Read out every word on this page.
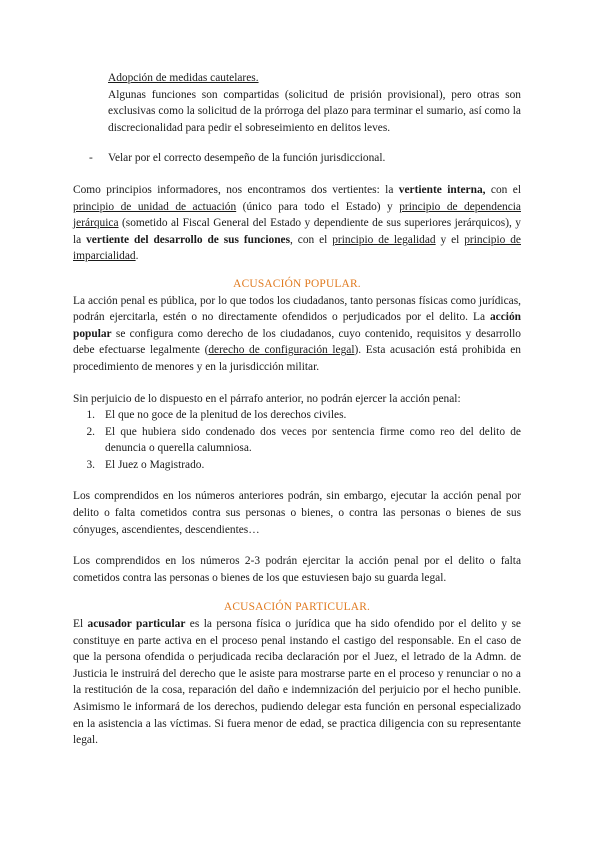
Adopción de medidas cautelares.

Algunas funciones son compartidas (solicitud de prisión provisional), pero otras son exclusivas como la solicitud de la prórroga del plazo para terminar el sumario, así como la discrecionalidad para pedir el sobreseimiento en delitos leves.

-	Velar por el correcto desempeño de la función jurisdiccional.

Como principios informadores, nos encontramos dos vertientes: la vertiente interna, con el principio de unidad de actuación (único para todo el Estado) y principio de dependencia jerárquica (sometido al Fiscal General del Estado y dependiente de sus superiores jerárquicos), y la vertiente del desarrollo de sus funciones, con el principio de legalidad y el principio de imparcialidad.

ACUSACIÓN POPULAR.

La acción penal es pública, por lo que todos los ciudadanos, tanto personas físicas como jurídicas, podrán ejercitarla, estén o no directamente ofendidos o perjudicados por el delito. La acción popular se configura como derecho de los ciudadanos, cuyo contenido, requisitos y desarrollo debe efectuarse legalmente (derecho de configuración legal). Esta acusación está prohibida en procedimiento de menores y en la jurisdicción militar.

Sin perjuicio de lo dispuesto en el párrafo anterior, no podrán ejercer la acción penal:

1. El que no goce de la plenitud de los derechos civiles.
2. El que hubiera sido condenado dos veces por sentencia firme como reo del delito de denuncia o querella calumniosa.
3. El Juez o Magistrado.

Los comprendidos en los números anteriores podrán, sin embargo, ejecutar la acción penal por delito o falta cometidos contra sus personas o bienes, o contra las personas o bienes de sus cónyuges, ascendientes, descendientes…

Los comprendidos en los números 2-3 podrán ejercitar la acción penal por el delito o falta cometidos contra las personas o bienes de los que estuviesen bajo su guarda legal.

ACUSACIÓN PARTICULAR.

El acusador particular es la persona física o jurídica que ha sido ofendido por el delito y se constituye en parte activa en el proceso penal instando el castigo del responsable. En el caso de que la persona ofendida o perjudicada reciba declaración por el Juez, el letrado de la Admn. de Justicia le instruirá del derecho que le asiste para mostrarse parte en el proceso y renunciar o no a la restitución de la cosa, reparación del daño e indemnización del perjuicio por el hecho punible. Asimismo le informará de los derechos, pudiendo delegar esta función en personal especializado en la asistencia a las víctimas. Si fuera menor de edad, se practica diligencia con su representante legal.
